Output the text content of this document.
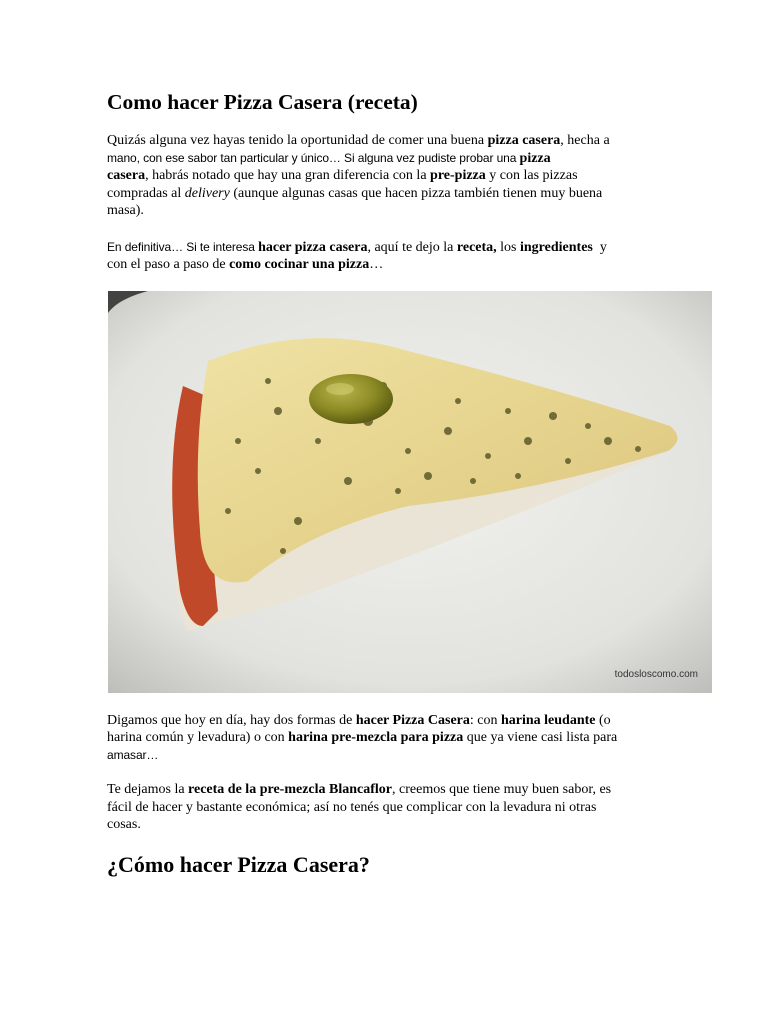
Como hacer Pizza Casera (receta)

Quizás alguna vez hayas tenido la oportunidad de comer una buena pizza casera, hecha a
mano, con ese sabor tan particular y único… Si alguna vez pudiste probar una pizza
casera, habrás notado que hay una gran diferencia con la pre-pizza y con las pizzas
compradas al delivery (aunque algunas casas que hacen pizza también tienen muy buena
masa).

En definitiva… Si te interesa hacer pizza casera, aquí te dejo la receta, los ingredientes  y
con el paso a paso de como cocinar una pizza…

todosloscomo.com

Digamos que hoy en día, hay dos formas de hacer Pizza Casera: con harina leudante (o
harina común y levadura) o con harina pre-mezcla para pizza que ya viene casi lista para
amasar…

Te dejamos la receta de la pre-mezcla Blancaflor, creemos que tiene muy buen sabor, es
fácil de hacer y bastante económica; así no tenés que complicar con la levadura ni otras
cosas.

¿Cómo hacer Pizza Casera?
